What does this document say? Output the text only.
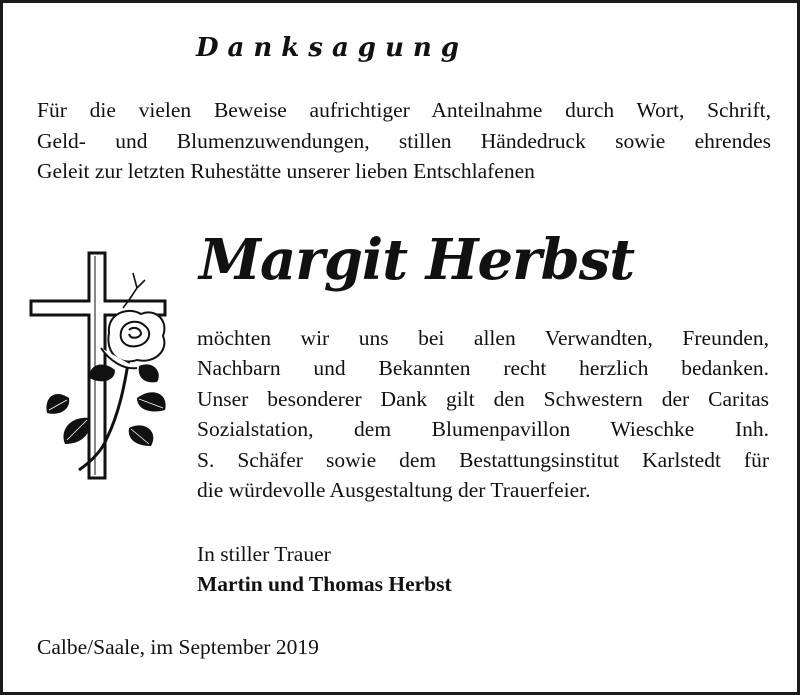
Danksagung
Für die vielen Beweise aufrichtiger Anteilnahme durch Wort, Schrift,
Geld- und Blumenzuwendungen, stillen Händedruck sowie ehrendes
Geleit zur letzten Ruhestätte unserer lieben Entschlafenen
Margit Herbst
möchten wir uns bei allen Verwandten, Freunden,
Nachbarn und Bekannten recht herzlich bedanken.
Unser besonderer Dank gilt den Schwestern der Caritas
Sozialstation, dem Blumenpavillon Wieschke Inh.
S. Schäfer sowie dem Bestattungsinstitut Karlstedt für
die würdevolle Ausgestaltung der Trauerfeier.
In stiller Trauer
Martin und Thomas Herbst
Calbe/Saale, im September 2019
